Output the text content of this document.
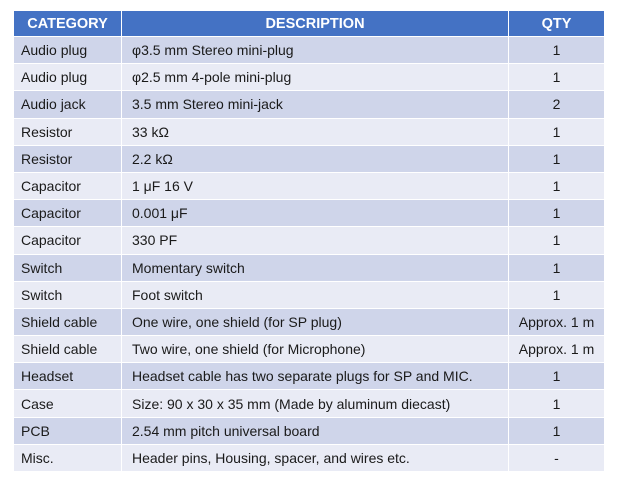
CATEGORY	DESCRIPTION	QTY
Audio plug	φ3.5 mm Stereo mini-plug	1
Audio plug	φ2.5 mm 4-pole mini-plug	1
Audio jack	3.5 mm Stereo mini-jack	2
Resistor	33 kΩ	1
Resistor	2.2 kΩ	1
Capacitor	1 μF 16 V	1
Capacitor	0.001 μF	1
Capacitor	330 PF	1
Switch	Momentary switch	1
Switch	Foot switch	1
Shield cable	One wire, one shield (for SP plug)	Approx. 1 m
Shield cable	Two wire, one shield (for Microphone)	Approx. 1 m
Headset	Headset cable has two separate plugs for SP and MIC.	1
Case	Size: 90 x 30 x 35 mm (Made by aluminum diecast)	1
PCB	2.54 mm pitch universal board	1
Misc.	Header pins, Housing, spacer, and wires etc.	-
